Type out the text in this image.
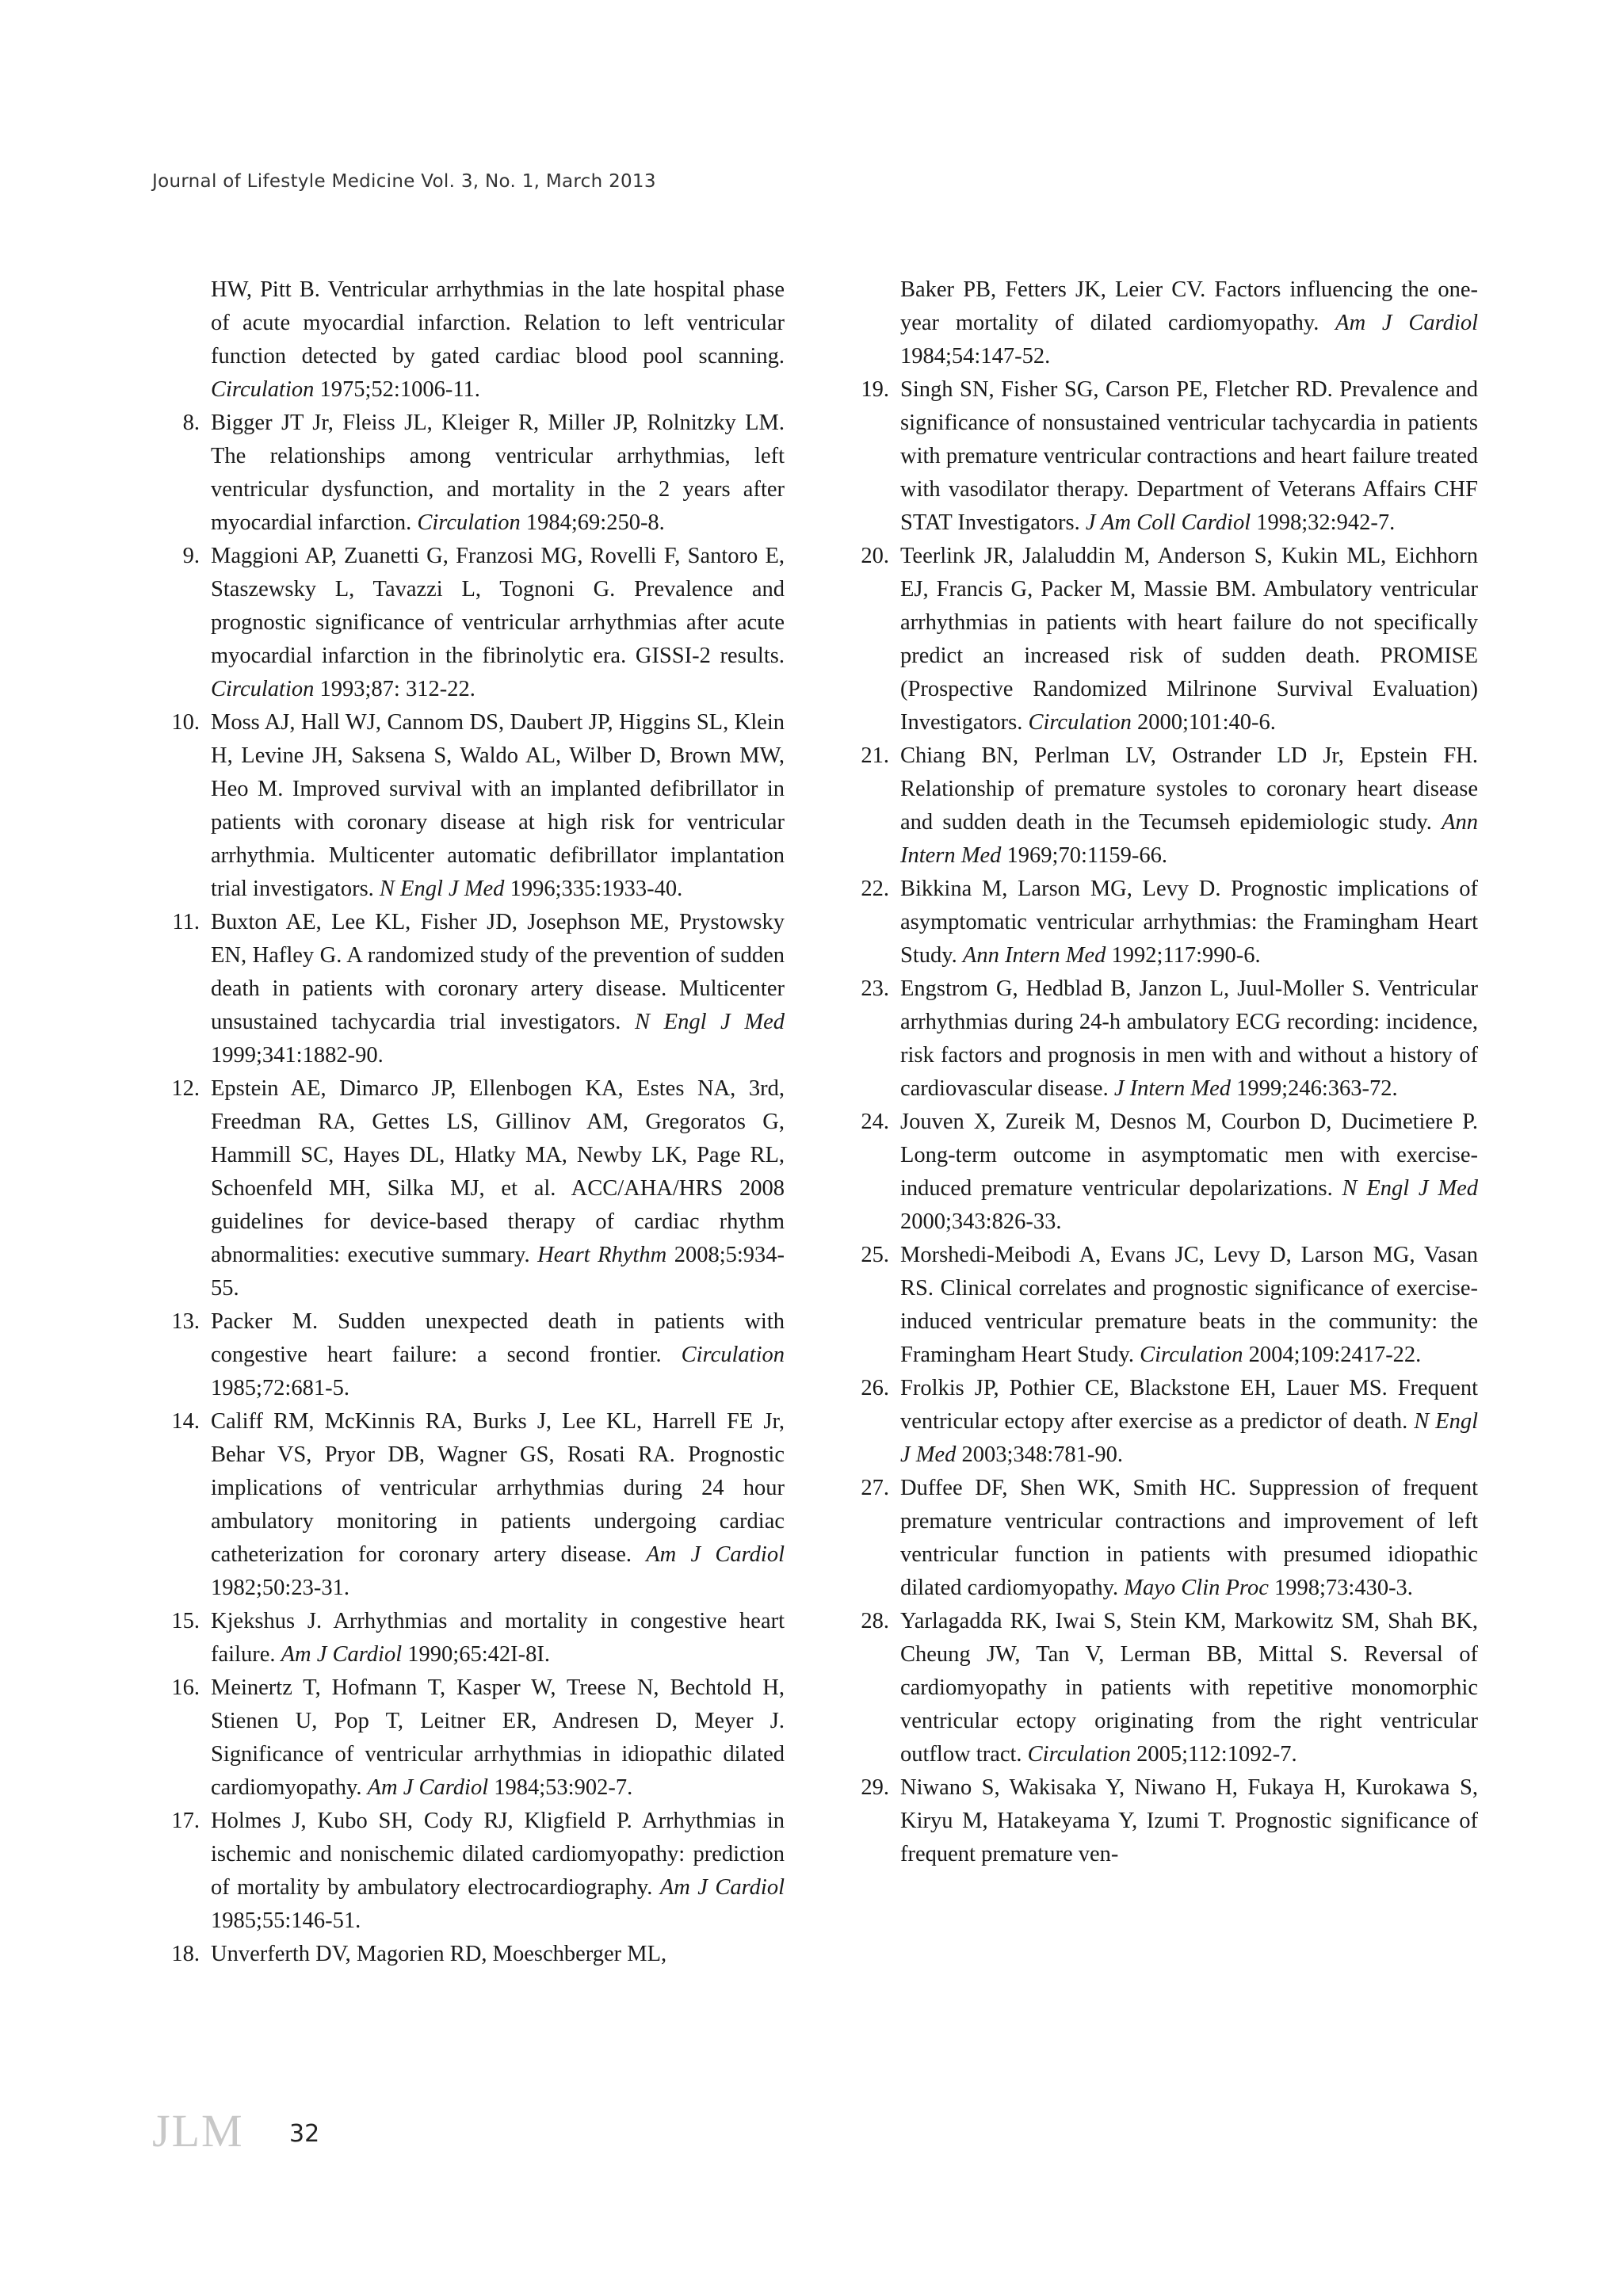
Journal of Lifestyle Medicine Vol. 3, No. 1, March 2013
HW, Pitt B. Ventricular arrhythmias in the late hospital phase of acute myocardial infarction. Relation to left ventricular function detected by gated cardiac blood pool scanning. Circulation 1975;52:1006-11.
8. Bigger JT Jr, Fleiss JL, Kleiger R, Miller JP, Rolnitzky LM. The relationships among ventricular arrhythmias, left ventricular dysfunction, and mortality in the 2 years after myocardial infarction. Circulation 1984;69:250-8.
9. Maggioni AP, Zuanetti G, Franzosi MG, Rovelli F, Santoro E, Staszewsky L, Tavazzi L, Tognoni G. Prevalence and prognostic significance of ventricular arrhythmias after acute myocardial infarction in the fibrinolytic era. GISSI-2 results. Circulation 1993;87: 312-22.
10. Moss AJ, Hall WJ, Cannom DS, Daubert JP, Higgins SL, Klein H, Levine JH, Saksena S, Waldo AL, Wilber D, Brown MW, Heo M. Improved survival with an implanted defibrillator in patients with coronary disease at high risk for ventricular arrhythmia. Multicenter automatic defibrillator implantation trial investigators. N Engl J Med 1996;335:1933-40.
11. Buxton AE, Lee KL, Fisher JD, Josephson ME, Prystowsky EN, Hafley G. A randomized study of the prevention of sudden death in patients with coronary artery disease. Multicenter unsustained tachycardia trial investigators. N Engl J Med 1999;341:1882-90.
12. Epstein AE, Dimarco JP, Ellenbogen KA, Estes NA, 3rd, Freedman RA, Gettes LS, Gillinov AM, Gregoratos G, Hammill SC, Hayes DL, Hlatky MA, Newby LK, Page RL, Schoenfeld MH, Silka MJ, et al. ACC/AHA/HRS 2008 guidelines for device-based therapy of cardiac rhythm abnormalities: executive summary. Heart Rhythm 2008;5:934-55.
13. Packer M. Sudden unexpected death in patients with congestive heart failure: a second frontier. Circulation 1985;72:681-5.
14. Califf RM, McKinnis RA, Burks J, Lee KL, Harrell FE Jr, Behar VS, Pryor DB, Wagner GS, Rosati RA. Prognostic implications of ventricular arrhythmias during 24 hour ambulatory monitoring in patients undergoing cardiac catheterization for coronary artery disease. Am J Cardiol 1982;50:23-31.
15. Kjekshus J. Arrhythmias and mortality in congestive heart failure. Am J Cardiol 1990;65:42I-8I.
16. Meinertz T, Hofmann T, Kasper W, Treese N, Bechtold H, Stienen U, Pop T, Leitner ER, Andresen D, Meyer J. Significance of ventricular arrhythmias in idiopathic dilated cardiomyopathy. Am J Cardiol 1984;53:902-7.
17. Holmes J, Kubo SH, Cody RJ, Kligfield P. Arrhythmias in ischemic and nonischemic dilated cardiomyopathy: prediction of mortality by ambulatory electrocardiography. Am J Cardiol 1985;55:146-51.
18. Unverferth DV, Magorien RD, Moeschberger ML,
Baker PB, Fetters JK, Leier CV. Factors influencing the one-year mortality of dilated cardiomyopathy. Am J Cardiol 1984;54:147-52.
19. Singh SN, Fisher SG, Carson PE, Fletcher RD. Prevalence and significance of nonsustained ventricular tachycardia in patients with premature ventricular contractions and heart failure treated with vasodilator therapy. Department of Veterans Affairs CHF STAT Investigators. J Am Coll Cardiol 1998;32:942-7.
20. Teerlink JR, Jalaluddin M, Anderson S, Kukin ML, Eichhorn EJ, Francis G, Packer M, Massie BM. Ambulatory ventricular arrhythmias in patients with heart failure do not specifically predict an increased risk of sudden death. PROMISE (Prospective Randomized Milrinone Survival Evaluation) Investigators. Circulation 2000;101:40-6.
21. Chiang BN, Perlman LV, Ostrander LD Jr, Epstein FH. Relationship of premature systoles to coronary heart disease and sudden death in the Tecumseh epidemiologic study. Ann Intern Med 1969;70:1159-66.
22. Bikkina M, Larson MG, Levy D. Prognostic implications of asymptomatic ventricular arrhythmias: the Framingham Heart Study. Ann Intern Med 1992;117:990-6.
23. Engstrom G, Hedblad B, Janzon L, Juul-Moller S. Ventricular arrhythmias during 24-h ambulatory ECG recording: incidence, risk factors and prognosis in men with and without a history of cardiovascular disease. J Intern Med 1999;246:363-72.
24. Jouven X, Zureik M, Desnos M, Courbon D, Ducimetiere P. Long-term outcome in asymptomatic men with exercise-induced premature ventricular depolarizations. N Engl J Med 2000;343:826-33.
25. Morshedi-Meibodi A, Evans JC, Levy D, Larson MG, Vasan RS. Clinical correlates and prognostic significance of exercise-induced ventricular premature beats in the community: the Framingham Heart Study. Circulation 2004;109:2417-22.
26. Frolkis JP, Pothier CE, Blackstone EH, Lauer MS. Frequent ventricular ectopy after exercise as a predictor of death. N Engl J Med 2003;348:781-90.
27. Duffee DF, Shen WK, Smith HC. Suppression of frequent premature ventricular contractions and improvement of left ventricular function in patients with presumed idiopathic dilated cardiomyopathy. Mayo Clin Proc 1998;73:430-3.
28. Yarlagadda RK, Iwai S, Stein KM, Markowitz SM, Shah BK, Cheung JW, Tan V, Lerman BB, Mittal S. Reversal of cardiomyopathy in patients with repetitive monomorphic ventricular ectopy originating from the right ventricular outflow tract. Circulation 2005;112:1092-7.
29. Niwano S, Wakisaka Y, Niwano H, Fukaya H, Kurokawa S, Kiryu M, Hatakeyama Y, Izumi T. Prognostic significance of frequent premature ven-
JLM 32
